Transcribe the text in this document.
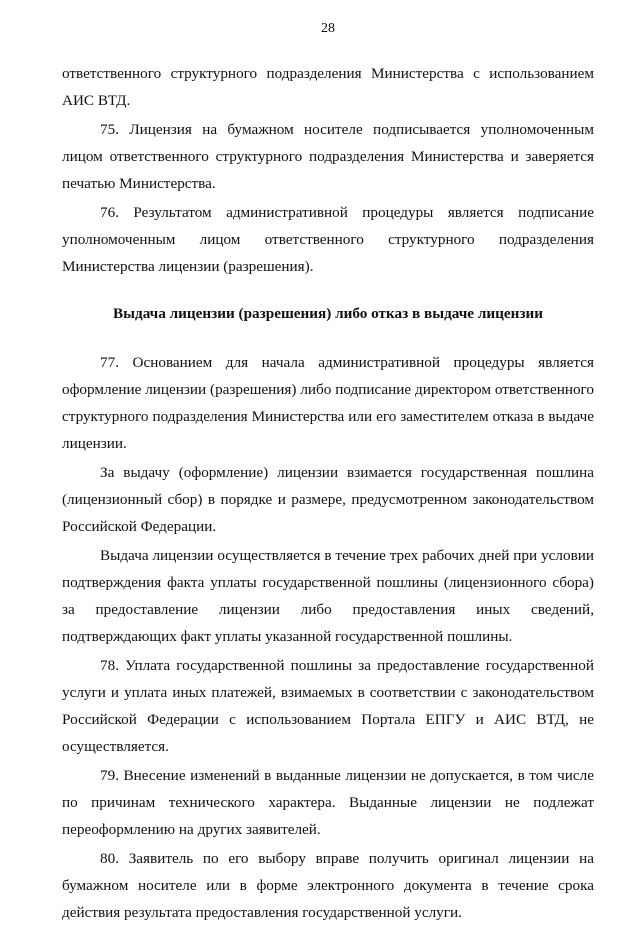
28

ответственного структурного подразделения Министерства с использованием АИС ВТД.

75. Лицензия на бумажном носителе подписывается уполномоченным лицом ответственного структурного подразделения Министерства и заверяется печатью Министерства.

76. Результатом административной процедуры является подписание уполномоченным лицом ответственного структурного подразделения Министерства лицензии (разрешения).

Выдача лицензии (разрешения) либо отказ в выдаче лицензии

77. Основанием для начала административной процедуры является оформление лицензии (разрешения) либо подписание директором ответственного структурного подразделения Министерства или его заместителем отказа в выдаче лицензии.

За выдачу (оформление) лицензии взимается государственная пошлина (лицензионный сбор) в порядке и размере, предусмотренном законодательством Российской Федерации.

Выдача лицензии осуществляется в течение трех рабочих дней при условии подтверждения факта уплаты государственной пошлины (лицензионного сбора) за предоставление лицензии либо предоставления иных сведений, подтверждающих факт уплаты указанной государственной пошлины.

78. Уплата государственной пошлины за предоставление государственной услуги и уплата иных платежей, взимаемых в соответствии с законодательством Российской Федерации с использованием Портала ЕПГУ и АИС ВТД, не осуществляется.

79. Внесение изменений в выданные лицензии не допускается, в том числе по причинам технического характера. Выданные лицензии не подлежат переоформлению на других заявителей.

80. Заявитель по его выбору вправе получить оригинал лицензии на бумажном носителе или в форме электронного документа в течение срока действия результата предоставления государственной услуги.
